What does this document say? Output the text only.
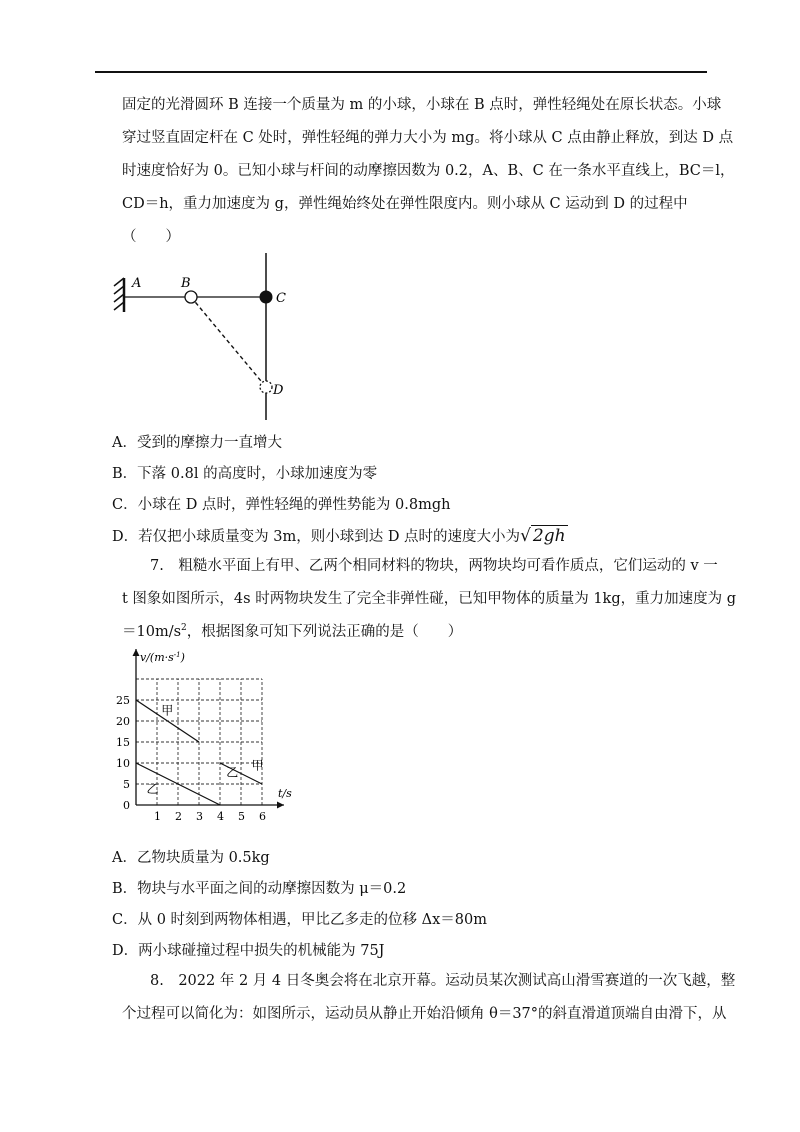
固定的光滑圆环 B 连接一个质量为 m 的小球，小球在 B 点时，弹性轻绳处在原长状态。小球
穿过竖直固定杆在 C 处时，弹性轻绳的弹力大小为 mg。将小球从 C 点由静止释放，到达 D 点
时速度恰好为 0。已知小球与杆间的动摩擦因数为 0.2，A、B、C 在一条水平直线上，BC＝l，
CD＝h，重力加速度为 g，弹性绳始终处在弹性限度内。则小球从 C 运动到 D 的过程中
（　　）
A	B
C
D
A．受到的摩擦力一直增大
B．下落 0.8l 的高度时，小球加速度为零
C．小球在 D 点时，弹性轻绳的弹性势能为 0.8mgh
D．若仅把小球质量变为 3m，则小球到达 D 点时的速度大小为√ 2gh
7.　粗糙水平面上有甲、乙两个相同材料的物块，两物块均可看作质点，它们运动的 v 一
t 图象如图所示，4s 时两物块发生了完全非弹性碰，已知甲物体的质量为 1kg，重力加速度为 g
$=10m/s^2$，根据图象可知下列说法正确的是（　　）
1 2 3 4 5 6
0
5
10
15
20
25
甲
乙
乙
甲
$v/(m\cdot s^{-1})$
t/s
A．乙物块质量为 0.5kg
B．物块与水平面之间的动摩擦因数为 μ＝0.2
C．从 0 时刻到两物体相遇，甲比乙多走的位移 Δx＝80m
D．两小球碰撞过程中损失的机械能为 75J
8.　2022 年 2 月 4 日冬奥会将在北京开幕。运动员某次测试高山滑雪赛道的一次飞越，整
个过程可以简化为：如图所示，运动员从静止开始沿倾角 θ＝37°的斜直滑道顶端自由滑下，从
